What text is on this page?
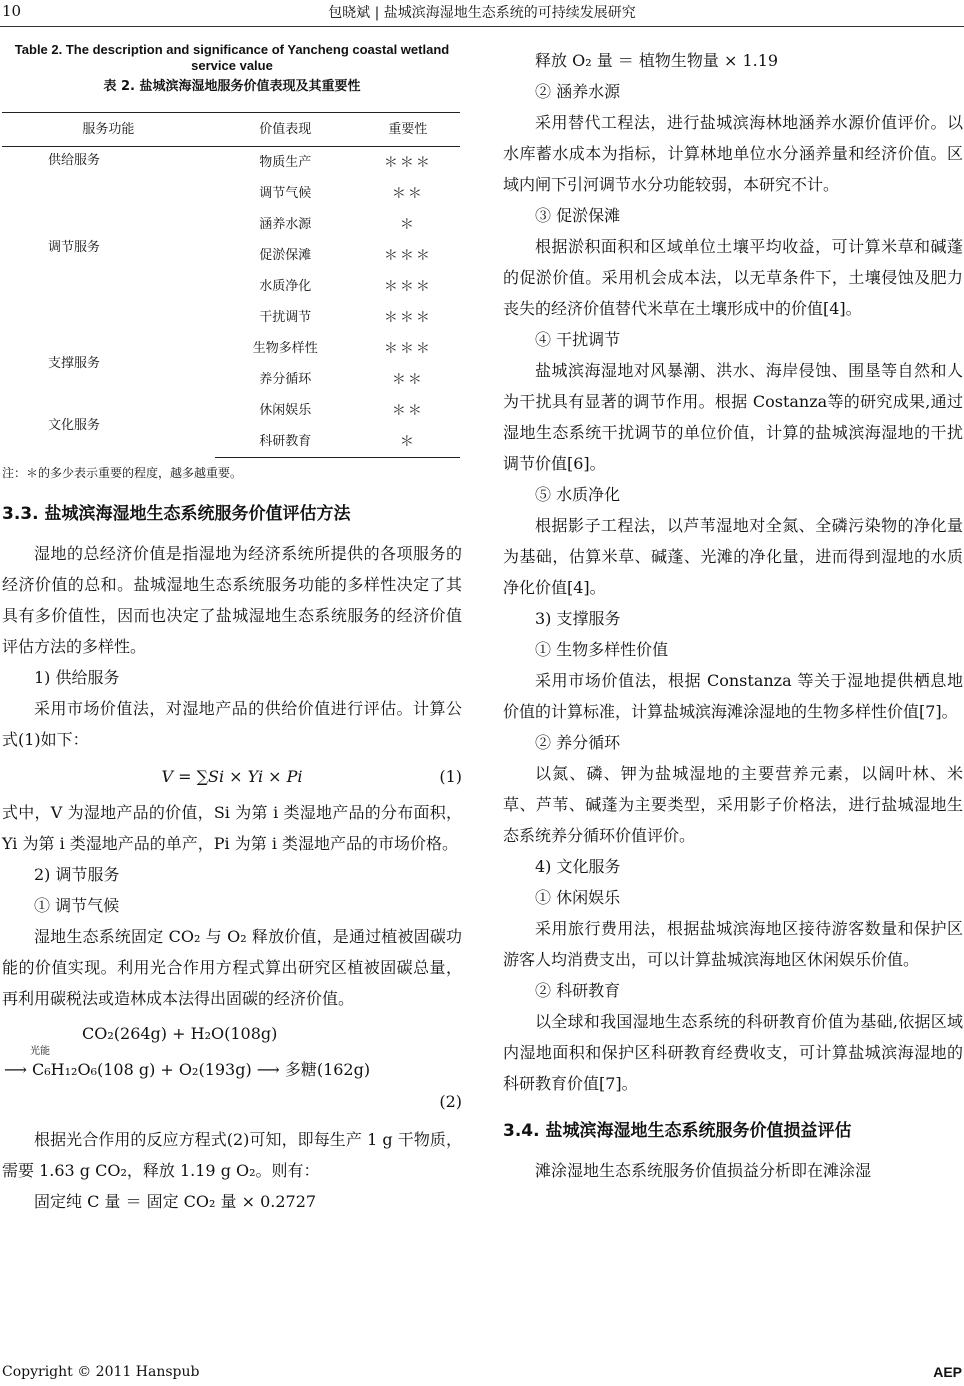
10	包晓斌 | 盐城滨海湿地生态系统的可持续发展研究
Table 2. The description and significance of Yancheng coastal wetland service value
表 2. 盐城滨海湿地服务价值表现及其重要性
服务功能	价值表现	重要性
供给服务	物质生产	＊＊＊
	调节气候	＊＊
	涵养水源	＊
调节服务	促淤保滩	＊＊＊
	水质净化	＊＊＊
	干扰调节	＊＊＊
支撑服务	生物多样性	＊＊＊
	养分循环	＊＊
文化服务	休闲娱乐	＊＊
	科研教育	＊
注：＊的多少表示重要的程度，越多越重要。
3.3. 盐城滨海湿地生态系统服务价值评估方法

湿地的总经济价值是指湿地为经济系统所提供的各项服务的经济价值的总和。盐城湿地生态系统服务功能的多样性决定了其具有多价值性，因而也决定了盐城湿地生态系统服务的经济价值评估方法的多样性。

1) 供给服务

采用市场价值法，对湿地产品的供给价值进行评估。计算公式(1)如下：

V = ∑Si × Yi × Pi	(1)

式中，V 为湿地产品的价值，Si 为第 i 类湿地产品的分布面积，Yi 为第 i 类湿地产品的单产，Pi 为第 i 类湿地产品的市场价格。

2) 调节服务

① 调节气候

湿地生态系统固定 CO₂ 与 O₂ 释放价值，是通过植被固碳功能的价值实现。利用光合作用方程式算出研究区植被固碳总量，再利用碳税法或造林成本法得出固碳的经济价值。

CO₂(264g) + H₂O(108g)
光能
⟶ C₆H₁₂O₆(108 g) + O₂(193g) ⟶ 多糖(162g)
(2)

根据光合作用的反应方程式(2)可知，即每生产 1 g 干物质，需要 1.63 g CO₂，释放 1.19 g O₂。则有：

固定纯 C 量 ＝ 固定 CO₂ 量 × 0.2727

释放 O₂ 量 ＝ 植物生物量 × 1.19

② 涵养水源

采用替代工程法，进行盐城滨海林地涵养水源价值评价。以水库蓄水成本为指标，计算林地单位水分涵养量和经济价值。区域内闸下引河调节水分功能较弱，本研究不计。

③ 促淤保滩

根据淤积面积和区域单位土壤平均收益，可计算米草和碱蓬的促淤价值。采用机会成本法，以无草条件下，土壤侵蚀及肥力丧失的经济价值替代米草在土壤形成中的价值[4]。

④ 干扰调节

盐城滨海湿地对风暴潮、洪水、海岸侵蚀、围垦等自然和人为干扰具有显著的调节作用。根据 Costanza等的研究成果,通过湿地生态系统干扰调节的单位价值，计算的盐城滨海湿地的干扰调节价值[6]。

⑤ 水质净化

根据影子工程法，以芦苇湿地对全氮、全磷污染物的净化量为基础，估算米草、碱蓬、光滩的净化量，进而得到湿地的水质净化价值[4]。

3) 支撑服务

① 生物多样性价值

采用市场价值法，根据 Constanza 等关于湿地提供栖息地价值的计算标准，计算盐城滨海滩涂湿地的生物多样性价值[7]。

② 养分循环

以氮、磷、钾为盐城湿地的主要营养元素，以阔叶林、米草、芦苇、碱蓬为主要类型，采用影子价格法，进行盐城湿地生态系统养分循环价值评价。

4) 文化服务

① 休闲娱乐

采用旅行费用法，根据盐城滨海地区接待游客数量和保护区游客人均消费支出，可以计算盐城滨海地区休闲娱乐价值。

② 科研教育

以全球和我国湿地生态系统的科研教育价值为基础,依据区域内湿地面积和保护区科研教育经费收支，可计算盐城滨海湿地的科研教育价值[7]。

3.4. 盐城滨海湿地生态系统服务价值损益评估

滩涂湿地生态系统服务价值损益分析即在滩涂湿

Copyright © 2011 Hanspub	AEP
